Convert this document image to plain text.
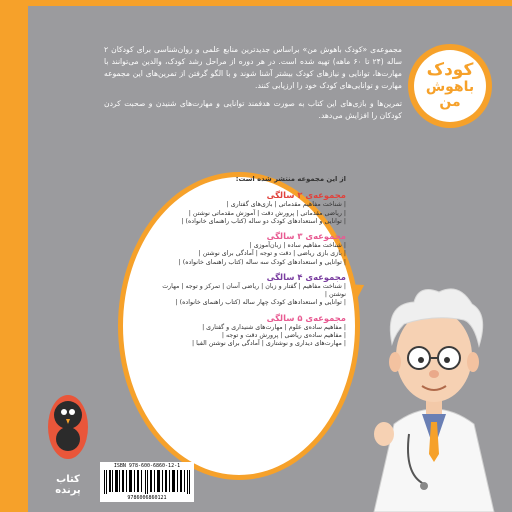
کودک
باهوش من

مجموعه‌ی «کودک باهوش من» براساس جدیدترین منابع علمی و روان‌شناسی برای کودکان ۲ ساله (۲۴ تا ۶۰ ماهه) تهیه شده است. در هر دوره از مراحل رشد کودک، والدین می‌توانند با مهارت‌ها، توانایی‌ و نیازهای کودک بیشتر آشنا شوند و با الگو گرفتن از تمرین‌های این مجموعه مهارت‌ و توانایی‌های کودک خود را ارزیابی کنند.

تمرین‌ها و بازی‌های این کتاب به صورت هدفمند توانایی و مهارت‌های شنیدن و صحبت کردن کودکان را افزایش می‌دهد.

از این مجموعه منتشر شده است:
مجموعه‌ی ۲ سالگی

| شناخت مفاهیم مقدماتی | بازی‌های گفتاری |

| ریاضی مقدماتی | پرورش دقت | آموزش مقدماتی نوشتن |

| توانایی و استعدادهای کودک دو ساله (کتاب راهنمای خانواده) |

مجموعه‌ی ۳ سالگی

| شناخت مفاهیم ساده | زبان‌آموزی |

| بازی بازی ریاضی | دقت و توجه | آمادگی برای نوشتن |

| توانایی و استعدادهای کودک سه ساله (کتاب راهنمای خانواده) |

مجموعه‌ی ۴ سالگی

| شناخت مفاهیم | گفتار و زبان | ریاضی آسان | تمرکز و توجه | مهارت نوشتن |

| توانایی و استعدادهای کودک چهار ساله (کتاب راهنمای خانواده) |

مجموعه‌ی ۵ سالگی

| مفاهیم ساده‌ی علوم | مهارت‌های شنیداری و گفتاری |

| مفاهیم ساده‌ی ریاضی | پرورش دقت و توجه |

| مهارت‌های دیداری و نوشتاری | آمادگی برای نوشتن الفبا |

کتاب
پرنده
ISBN 978-600-6860-12-1
9786006860121
